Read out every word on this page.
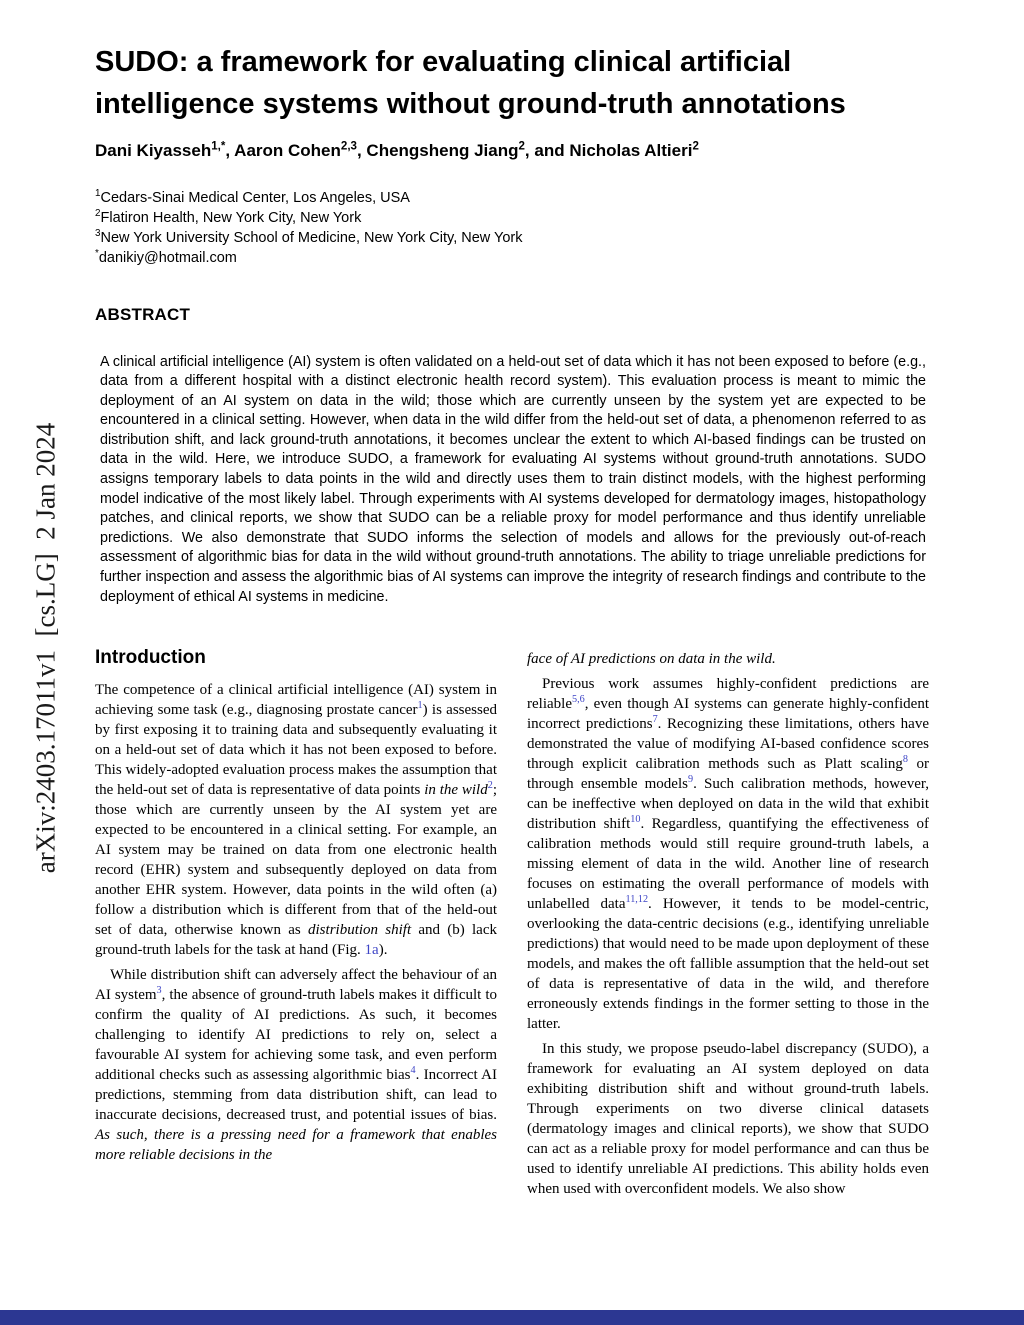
SUDO: a framework for evaluating clinical artificial intelligence systems without ground-truth annotations
Dani Kiyasseh$^{1,*}$, Aaron Cohen$^{2,3}$, Chengsheng Jiang$^2$, and Nicholas Altieri$^2$
$^1$Cedars-Sinai Medical Center, Los Angeles, USA
$^2$Flatiron Health, New York City, New York
$^3$New York University School of Medicine, New York City, New York
*danikiy@hotmail.com
ABSTRACT

A clinical artificial intelligence (AI) system is often validated on a held-out set of data which it has not been exposed to before (e.g., data from a different hospital with a distinct electronic health record system). This evaluation process is meant to mimic the deployment of an AI system on data in the wild; those which are currently unseen by the system yet are expected to be encountered in a clinical setting. However, when data in the wild differ from the held-out set of data, a phenomenon referred to as distribution shift, and lack ground-truth annotations, it becomes unclear the extent to which AI-based findings can be trusted on data in the wild. Here, we introduce SUDO, a framework for evaluating AI systems without ground-truth annotations. SUDO assigns temporary labels to data points in the wild and directly uses them to train distinct models, with the highest performing model indicative of the most likely label. Through experiments with AI systems developed for dermatology images, histopathology patches, and clinical reports, we show that SUDO can be a reliable proxy for model performance and thus identify unreliable predictions. We also demonstrate that SUDO informs the selection of models and allows for the previously out-of-reach assessment of algorithmic bias for data in the wild without ground-truth annotations. The ability to triage unreliable predictions for further inspection and assess the algorithmic bias of AI systems can improve the integrity of research findings and contribute to the deployment of ethical AI systems in medicine.

Introduction

The competence of a clinical artificial intelligence (AI) system in achieving some task (e.g., diagnosing prostate cancer$^1$) is assessed by first exposing it to training data and subsequently evaluating it on a held-out set of data which it has not been exposed to before. This widely-adopted evaluation process makes the assumption that the held-out set of data is representative of data points in the wild$^2$; those which are currently unseen by the AI system yet are expected to be encountered in a clinical setting. For example, an AI system may be trained on data from one electronic health record (EHR) system and subsequently deployed on data from another EHR system. However, data points in the wild often (a) follow a distribution which is different from that of the held-out set of data, otherwise known as distribution shift and (b) lack ground-truth labels for the task at hand (Fig. 1a).

While distribution shift can adversely affect the behaviour of an AI system$^3$, the absence of ground-truth labels makes it difficult to confirm the quality of AI predictions. As such, it becomes challenging to identify AI predictions to rely on, select a favourable AI system for achieving some task, and even perform additional checks such as assessing algorithmic bias$^4$. Incorrect AI predictions, stemming from data distribution shift, can lead to inaccurate decisions, decreased trust, and potential issues of bias. As such, there is a pressing need for a framework that enables more reliable decisions in the

face of AI predictions on data in the wild.

Previous work assumes highly-confident predictions are reliable$^{5,6}$, even though AI systems can generate highly-confident incorrect predictions$^7$. Recognizing these limitations, others have demonstrated the value of modifying AI-based confidence scores through explicit calibration methods such as Platt scaling$^8$ or through ensemble models$^9$. Such calibration methods, however, can be ineffective when deployed on data in the wild that exhibit distribution shift$^{10}$. Regardless, quantifying the effectiveness of calibration methods would still require ground-truth labels, a missing element of data in the wild. Another line of research focuses on estimating the overall performance of models with unlabelled data$^{11,12}$. However, it tends to be model-centric, overlooking the data-centric decisions (e.g., identifying unreliable predictions) that would need to be made upon deployment of these models, and makes the oft fallible assumption that the held-out set of data is representative of data in the wild, and therefore erroneously extends findings in the former setting to those in the latter.

In this study, we propose pseudo-label discrepancy (SUDO), a framework for evaluating an AI system deployed on data exhibiting distribution shift and without ground-truth labels. Through experiments on two diverse clinical datasets (dermatology images and clinical reports), we show that SUDO can act as a reliable proxy for model performance and can thus be used to identify unreliable AI predictions. This ability holds even when used with overconfident models. We also show

arXiv:2403.17011v1  [cs.LG]  2 Jan 2024
